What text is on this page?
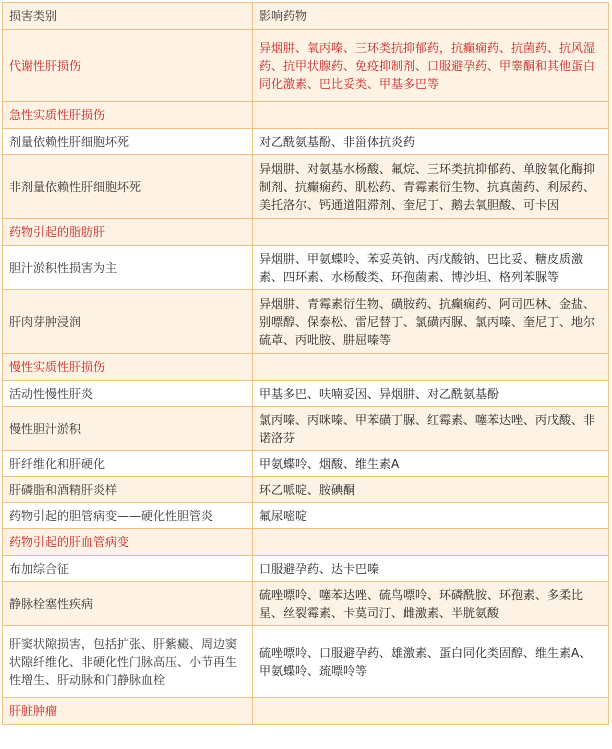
损害类别	影响药物
代谢性肝损伤	异烟肼、氧丙嗪、三环类抗抑郁药，抗癫痫药、抗菌药、抗风湿药、抗甲状腺药、免疫抑制剂、口服避孕药、甲睾酮和其他蛋白同化激素、巴比妥类、甲基多巴等
急性实质性肝损伤	
剂量依赖性肝细胞坏死	对乙酰氨基酚、非甾体抗炎药
非剂量依赖性肝细胞坏死	异烟肼、对氨基水杨酸、氟烷、三环类抗抑郁药、单胺氧化酶抑制剂、抗癫痫药、肌松药、青霉素衍生物、抗真菌药、利尿药、美托洛尔、钙通道阻滞剂、奎尼丁、鹅去氧胆酸、可卡因
药物引起的脂肪肝	
胆汁淤积性损害为主	异烟肼、甲氨蝶呤、苯妥英钠、丙戊酸钠、巴比妥、糖皮质激素、四环素、水杨酸类、环孢菌素、博沙坦、格列苯脲等
肝肉芽肿浸润	异烟肼、青霉素衍生物、磺胺药、抗癫痫药、阿司匹林、金盐、别嘌醇、保泰松、雷尼替丁、氯磺丙脲、氯丙嗪、奎尼丁、地尔硫䓬、丙吡胺、肼屈嗪等
慢性实质性肝损伤	
活动性慢性肝炎	甲基多巴、呋喃妥因、异烟肼、对乙酰氨基酚
慢性胆汁淤积	氯丙嗪、丙咪嗪、甲苯磺丁脲、红霉素、噻苯达唑、丙戊酸、非诺洛芬
肝纤维化和肝硬化	甲氨蝶呤、烟酸、维生素A
肝磷脂和酒精肝炎样	环乙哌啶、胺碘酮
药物引起的胆管病变——硬化性胆管炎	氟尿嘧啶
药物引起的肝血管病变	
布加综合征	口服避孕药、达卡巴嗪
静脉栓塞性疾病	硫唑嘌呤、噻苯达唑、硫鸟嘌呤、环磷酰胺、环孢素、多柔比星、丝裂霉素、卡莫司汀、雌激素、半胱氨酸
肝窦状隙损害，包括扩张、肝紫癜、周边窦状隙纤维化、非硬化性门脉高压、小节再生性增生、肝动脉和门静脉血栓	硫唑嘌呤、口服避孕药、雄激素、蛋白同化类固醇、维生素A、甲氨蝶呤、巯嘌呤等
肝脏肿瘤	
